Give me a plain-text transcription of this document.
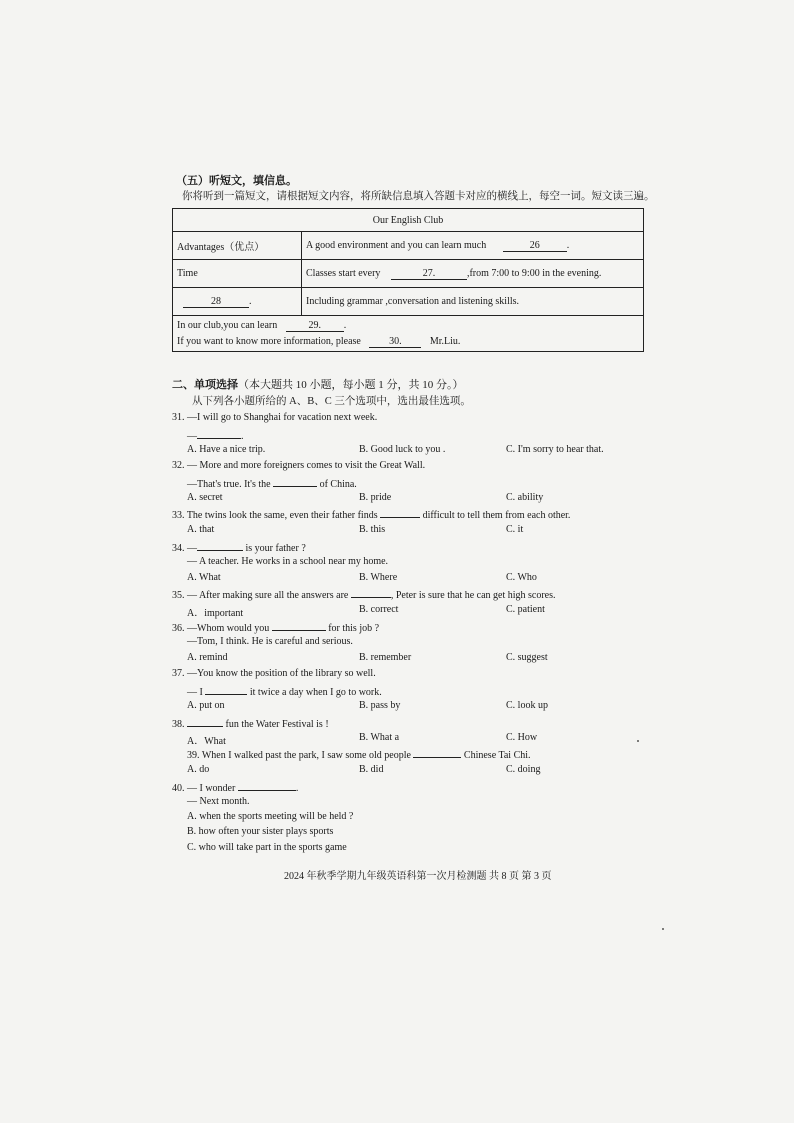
（五）听短文，填信息。
你将听到一篇短文，请根据短文内容，将所缺信息填入答题卡对应的横线上，每空一词。短文读三遍。
Our English Club	
Advantages（优点）	A good environment and you can learn much 26 .
Time	Classes start every 27. ,from 7:00 to 9:00 in the evening.
28 .	Including grammar ,conversation and listening skills.

In our club,you can learn 29. .
If you want to know more information, please 30. Mr.Liu.	
二、单项选择（本大题共 10 小题，每小题 1 分，共 10 分。）
从下列各小题所给的 A、B、C 三个选项中，选出最佳选项。
31. —I will go to Shanghai for vacation next week.
—	.
A. Have a nice trip.	B. Good luck to you .	C. I'm sorry to hear that.
32. — More and more foreigners comes to visit the Great Wall.
—That's true. It's the	of China.
A. secret	B. pride	C. ability
33. The twins look the same, even their father finds	difficult to tell them from each other.
A. that	B. this	C. it
34. —	is your father ?
— A teacher. He works in a school near my home.
A. What	B. Where	C. Who
35. — After making sure all the answers are	, Peter is sure that he can get high scores.
A．important	B. correct	C. patient
36. —Whom would you	for this job ?
—Tom, I think. He is careful and serious.
A. remind	B. remember	C. suggest
37. —You know the position of the library so well.
— I	it twice a day when I go to work.
A. put on	B. pass by	C. look up
38.	fun the Water Festival is !
A．What	B. What a	C. How
39. When I walked past the park, I saw some old people	Chinese Tai Chi.
A. do	B. did	C. doing
40. — I wonder	.
— Next month.
A. when the sports meeting will be held ?
B. how often your sister plays sports
C. who will take part in the sports game
2024 年秋季学期九年级英语科第一次月检测题 共 8 页 第 3 页
